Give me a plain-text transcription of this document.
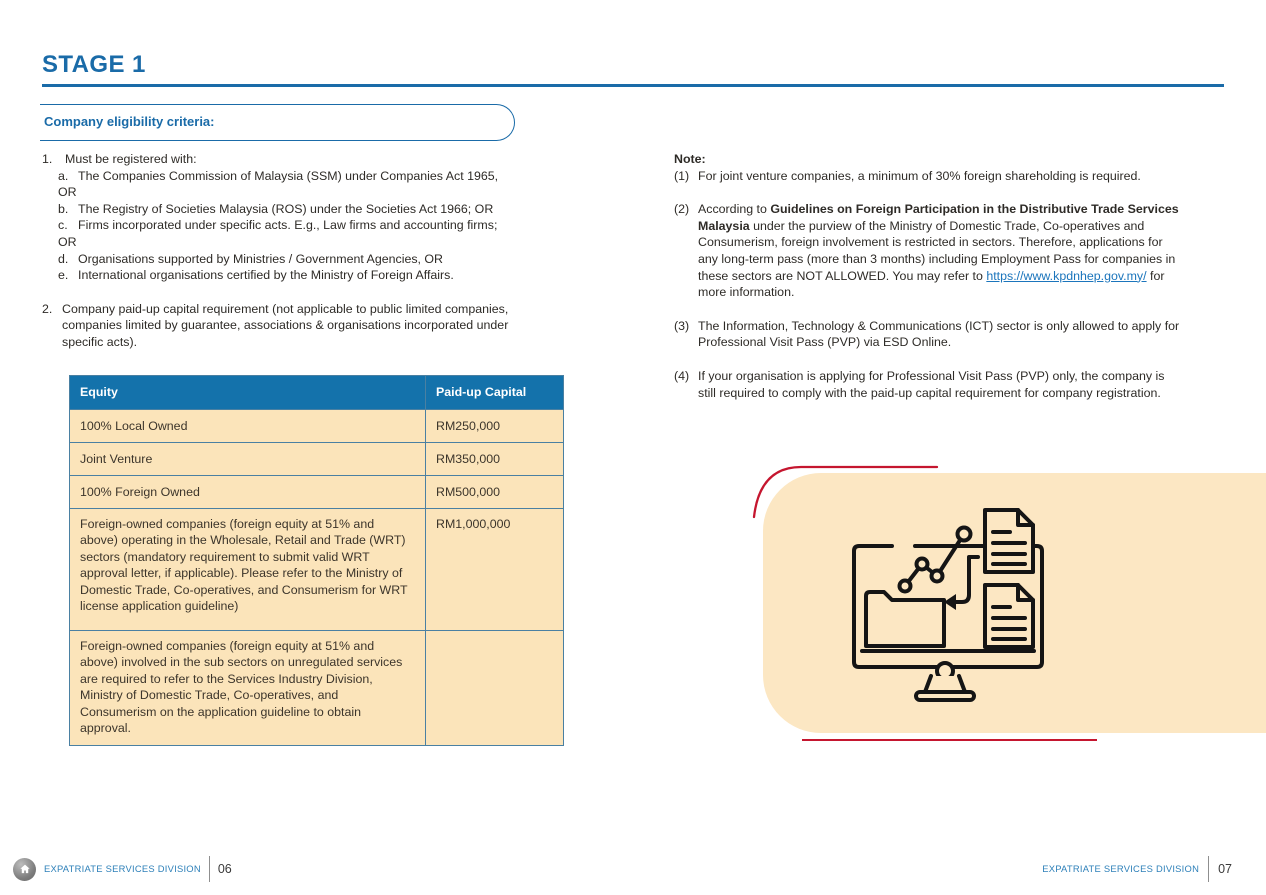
STAGE 1
Company eligibility criteria:
1. Must be registered with:
a. The Companies Commission of Malaysia (SSM) under Companies Act 1965,
OR
b. The Registry of Societies Malaysia (ROS) under the Societies Act 1966; OR
c. Firms incorporated under specific acts. E.g., Law firms and accounting firms;
OR
d. Organisations supported by Ministries / Government Agencies, OR
e. International organisations certified by the Ministry of Foreign Affairs.
2. Company paid-up capital requirement (not applicable to public limited companies, companies limited by guarantee, associations & organisations incorporated under specific acts).
Equity	Paid-up Capital
100% Local Owned	RM250,000
Joint Venture	RM350,000
100% Foreign Owned	RM500,000
Foreign-owned companies (foreign equity at 51% and above) operating in the Wholesale, Retail and Trade (WRT) sectors (mandatory requirement to submit valid WRT approval letter, if applicable). Please refer to the Ministry of Domestic Trade, Co-operatives, and Consumerism for WRT license application guideline)	RM1,000,000
Foreign-owned companies (foreign equity at 51% and above) involved in the sub sectors on unregulated services are required to refer to the Services Industry Division, Ministry of Domestic Trade, Co-operatives, and Consumerism on the application guideline to obtain approval.	
Note:
(1) For joint venture companies, a minimum of 30% foreign shareholding is required.
(2) According to Guidelines on Foreign Participation in the Distributive Trade Services Malaysia under the purview of the Ministry of Domestic Trade, Co-operatives and Consumerism, foreign involvement is restricted in sectors. Therefore, applications for any long-term pass (more than 3 months) including Employment Pass for companies in these sectors are NOT ALLOWED. You may refer to https://www.kpdnhep.gov.my/ for more information.
(3) The Information, Technology & Communications (ICT) sector is only allowed to apply for Professional Visit Pass (PVP) via ESD Online.
(4) If your organisation is applying for Professional Visit Pass (PVP) only, the company is still required to comply with the paid-up capital requirement for company registration.
EXPATRIATE SERVICES DIVISION 06	EXPATRIATE SERVICES DIVISION 07
